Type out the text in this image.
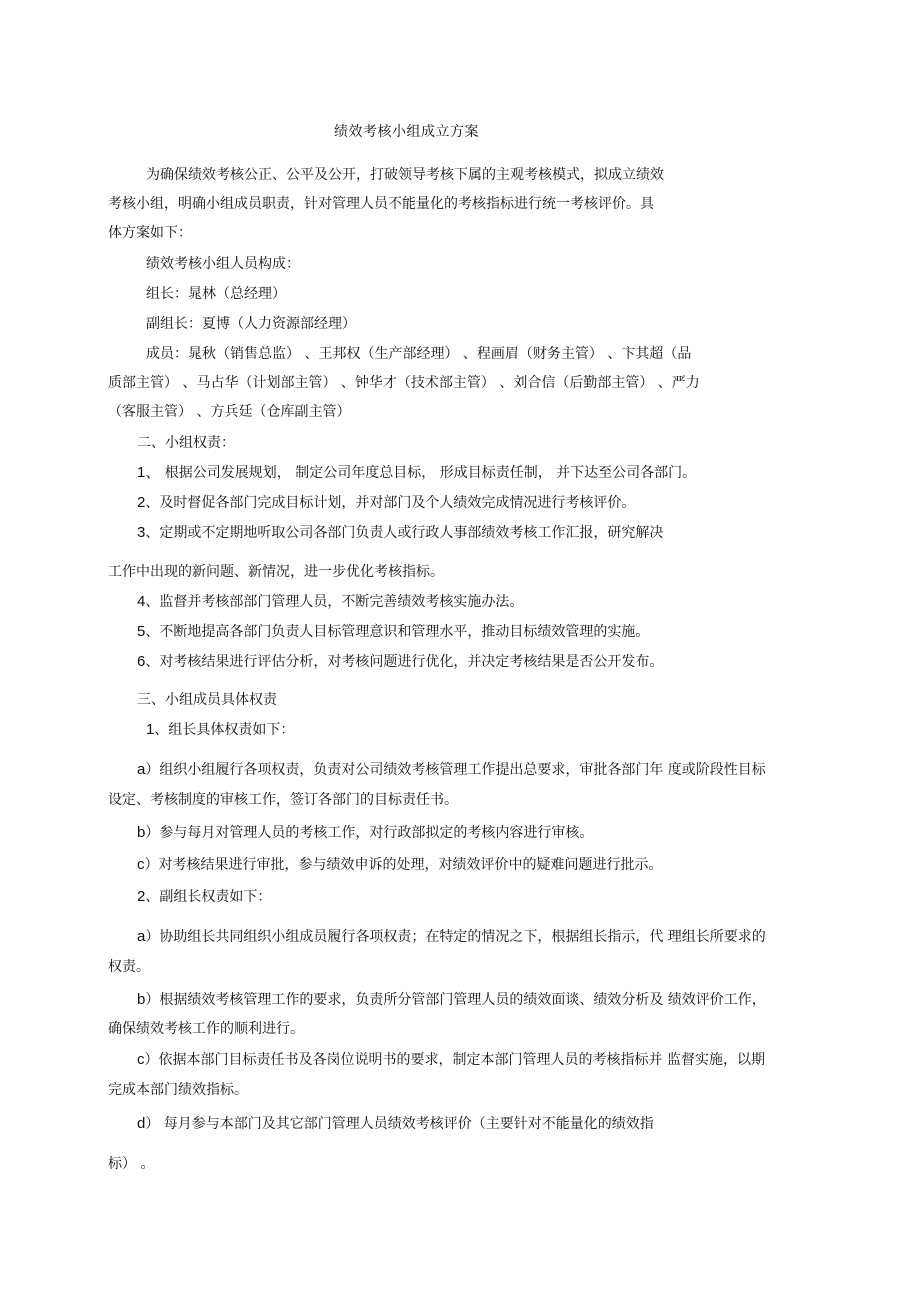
绩效考核小组成立方案
为确保绩效考核公正、公平及公开，打破领导考核下属的主观考核模式，拟成立绩效
考核小组，明确小组成员职责，针对管理人员不能量化的考核指标进行统一考核评价。具
体方案如下：
绩效考核小组人员构成：
组长：晁林（总经理）
副组长：夏博（人力资源部经理）
成员：晁秋（销售总监） 、王邦权（生产部经理） 、程画眉（财务主管） 、卞其超（品
质部主管） 、马占华（计划部主管） 、钟华才（技术部主管） 、刘合信（后勤部主管） 、严力
（客服主管） 、方兵廷（仓库副主管）
二、小组权责：
1、 根据公司发展规划， 制定公司年度总目标， 形成目标责任制， 并下达至公司各部门。
2、及时督促各部门完成目标计划，并对部门及个人绩效完成情况进行考核评价。
3、定期或不定期地听取公司各部门负责人或行政人事部绩效考核工作汇报，研究解决
工作中出现的新问题、新情况，进一步优化考核指标。
4、监督并考核部部门管理人员，不断完善绩效考核实施办法。
5、不断地提高各部门负责人目标管理意识和管理水平，推动目标绩效管理的实施。
6、对考核结果进行评估分析，对考核问题进行优化，并决定考核结果是否公开发布。
三、小组成员具体权责
1、组长具体权责如下：
a）组织小组履行各项权责，负责对公司绩效考核管理工作提出总要求，审批各部门年 度或阶段性目标
设定、考核制度的审核工作，签订各部门的目标责任书。
b）参与每月对管理人员的考核工作，对行政部拟定的考核内容进行审核。
c）对考核结果进行审批，参与绩效申诉的处理，对绩效评价中的疑难问题进行批示。
2、副组长权责如下：
a）协助组长共同组织小组成员履行各项权责；在特定的情况之下，根据组长指示，代 理组长所要求的
权责。
b）根据绩效考核管理工作的要求，负责所分管部门管理人员的绩效面谈、绩效分析及 绩效评价工作，
确保绩效考核工作的顺利进行。
c）依据本部门目标责任书及各岗位说明书的要求，制定本部门管理人员的考核指标并 监督实施，以期
完成本部门绩效指标。
d） 每月参与本部门及其它部门管理人员绩效考核评价（主要针对不能量化的绩效指
标） 。
